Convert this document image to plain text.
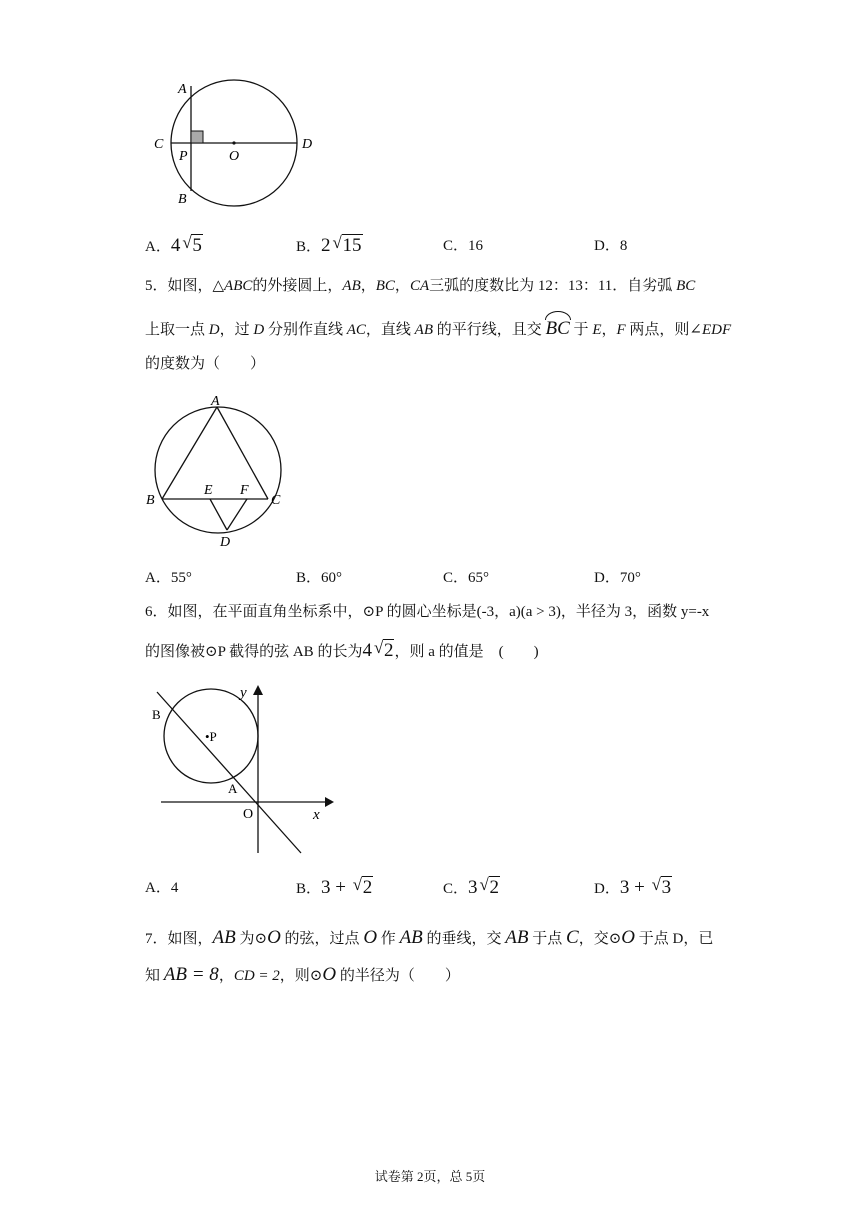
A
C	D
P	O
B
A．4 √ 5	B．2 √ 15	C．16	D．8
5．如图，△ABC的外接圆上，AB，BC，CA三弧的度数比为 12：13：11．自劣弧 BC
上取一点 D，过 D 分别作直线 AC，直线 AB 的平行线，且交
BC 于 E，F 两点，则∠EDF
的度数为（　　）
A
B	C
E F
D
A．55°	B．60°	C．65°	D．70°
6．如图，在平面直角坐标系中，⊙P 的圆心坐标是(-3，a)(a > 3)，半径为 3，函数 y=-x
的图像被⊙P 截得的弦 AB 的长为4 √ 2，则 a 的值是　(　　)
B
•P
A
O	x
y
A．4	B．3 + √ 2	C．3 √ 2	D．3 + √ 3
7．如图，AB 为⊙O 的弦，过点 O 作 AB 的垂线，交 AB 于点 C，交⊙O 于点 D，已
知 AB = 8，CD = 2，则⊙O 的半径为（　　）
试卷第 2页，总 5页
